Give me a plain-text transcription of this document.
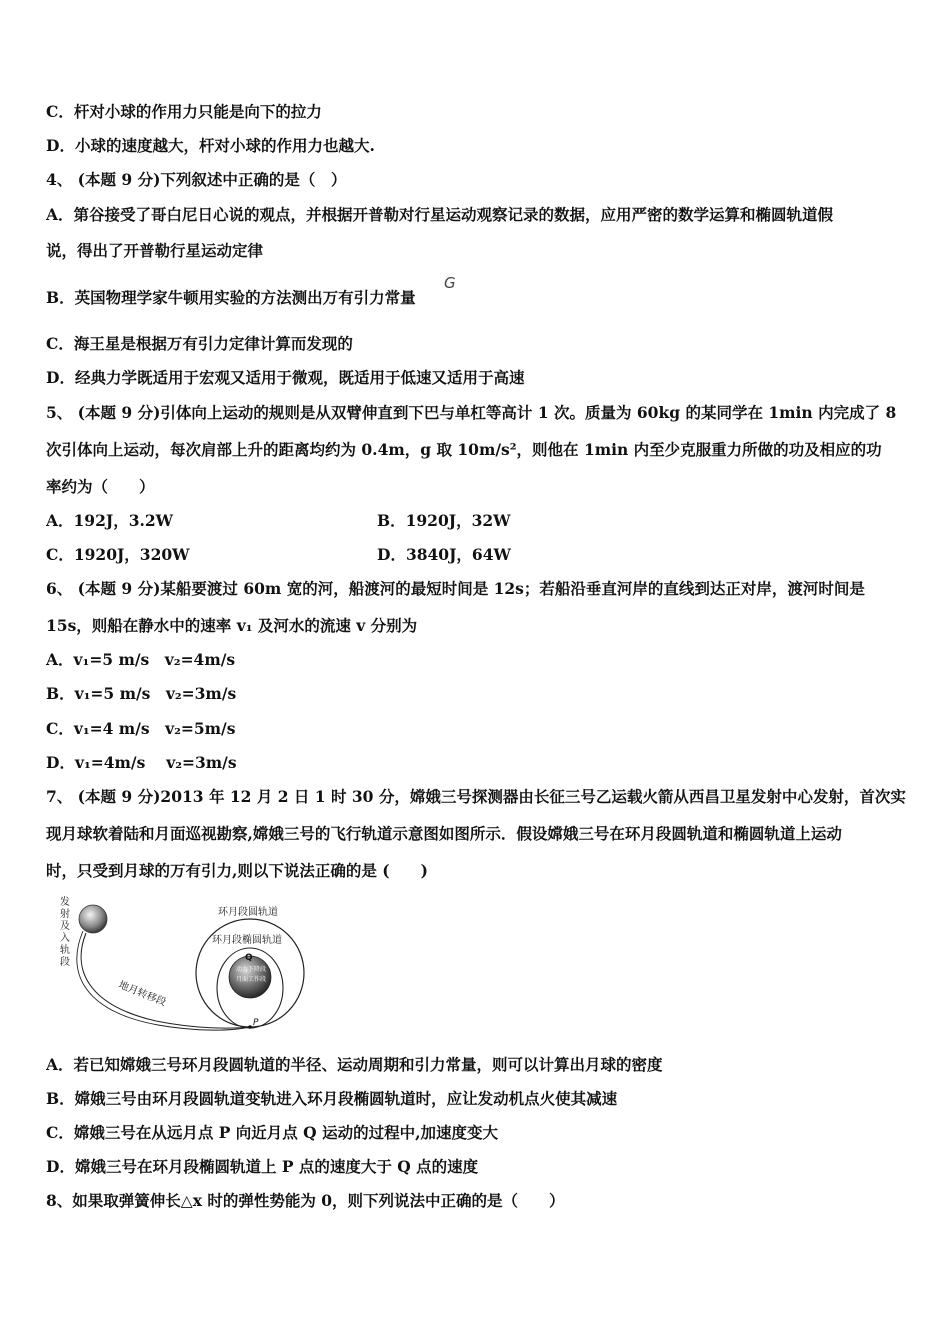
C．杆对小球的作用力只能是向下的拉力
D．小球的速度越大，杆对小球的作用力也越大.
4、 (本题 9 分)下列叙述中正确的是（　）
A．第谷接受了哥白尼日心说的观点，并根据开普勒对行星运动观察记录的数据，应用严密的数学运算和椭圆轨道假
说，得出了开普勒行星运动定律
B．英国物理学家牛顿用实验的方法测出万有引力常量
G
C．海王星是根据万有引力定律计算而发现的
D．经典力学既适用于宏观又适用于微观，既适用于低速又适用于高速
5、 (本题 9 分)引体向上运动的规则是从双臂伸直到下巴与单杠等高计 1 次。质量为 60kg 的某同学在 1min 内完成了 8
次引体向上运动，每次肩部上升的距离均约为 0.4m，g 取 10m/s²，则他在 1min 内至少克服重力所做的功及相应的功
率约为（　　）
A．192J，3.2W	B．1920J，32W
C．1920J，320W	D．3840J，64W
6、 (本题 9 分)某船要渡过 60m 宽的河，船渡河的最短时间是 12s；若船沿垂直河岸的直线到达正对岸，渡河时间是
15s，则船在静水中的速率 v₁ 及河水的流速 v 分别为
A．v₁=5 m/s　v₂=4m/s
B．v₁=5 m/s　v₂=3m/s
C．v₁=4 m/s　v₂=5m/s
D．v₁=4m/s　 v₂=3m/s
7、 (本题 9 分)2013 年 12 月 2 日 1 时 30 分，嫦娥三号探测器由长征三号乙运载火箭从西昌卫星发射中心发射，首次实
现月球软着陆和月面巡视勘察,嫦娥三号的飞行轨道示意图如图所示．假设嫦娥三号在环月段圆轨道和椭圆轨道上运动
时，只受到月球的万有引力,则以下说法正确的是 (　　)
发
射
及
入
轨
段
地月转移段
环月段圆轨道
环月段椭圆轨道
Q
动力下降段
月面工作段
P
A．若已知嫦娥三号环月段圆轨道的半径、运动周期和引力常量，则可以计算出月球的密度
B．嫦娥三号由环月段圆轨道变轨进入环月段椭圆轨道时，应让发动机点火使其减速
C．嫦娥三号在从远月点 P 向近月点 Q 运动的过程中,加速度变大
D．嫦娥三号在环月段椭圆轨道上 P 点的速度大于 Q 点的速度
8、如果取弹簧伸长△x 时的弹性势能为 0，则下列说法中正确的是（　　）
